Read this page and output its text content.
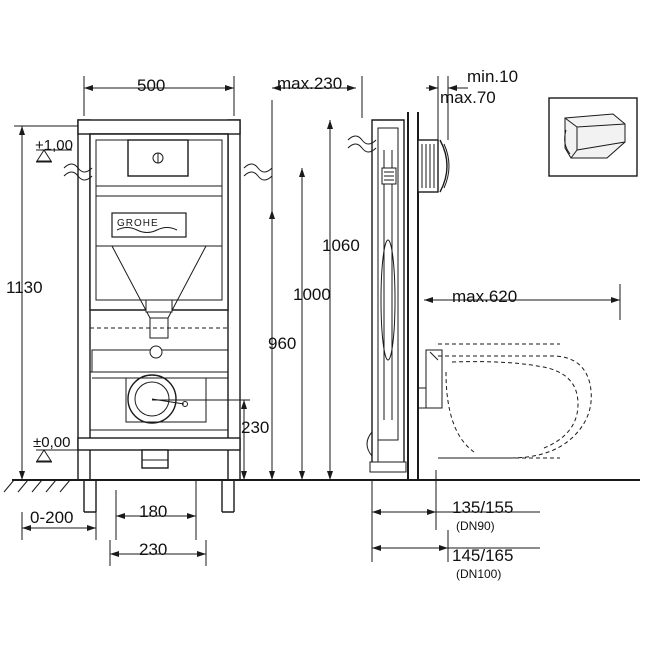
GROHE
500	max.230	min.10
max.70
1130
+1,00
±0,00
1060
1000
960
230
max.620
0-200	180
230
135/155
(DN90)
145/165
(DN100)
